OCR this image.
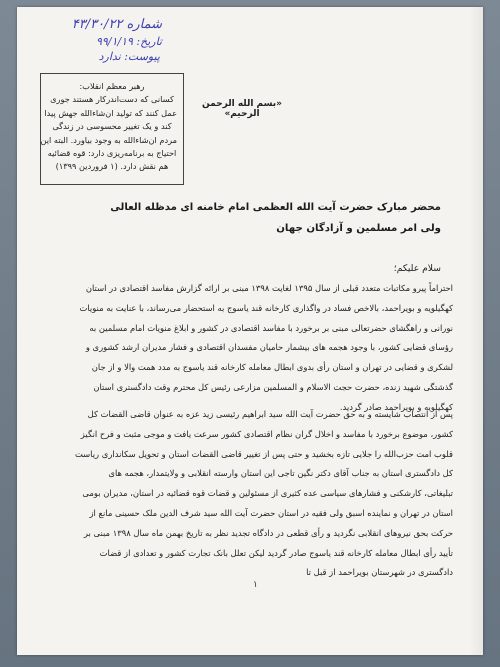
شماره ۴۳/۳۰/۲۲
تاریخ: ۹۹/۱/۱۹
پیوست: ندارد
رهبر معظم انقلاب:
کسانی که دست‌اندرکار هستند جوری
عمل کنند که تولید ان‌شاءالله جهش پیدا
کند و یک تغییر محسوسی در زندگی
مردم ان‌شاءالله به وجود بیاورد. البته این
احتیاج به برنامه‌ریزی دارد: قوه قضائیه
هم نقش دارد. (۱ فروردین ۱۳۹۹)
«بسم الله الرحمن الرحیم»
محضر مبارک حضرت آیت الله العظمی امام خامنه ای مدظله العالی
ولی امر مسلمین و آزادگان جهان
سلام علیکم؛
احتراماً پیرو مکاتبات متعدد قبلی از سال ۱۳۹۵ لغایت ۱۳۹۸ مبنی بر ارائه گزارش مفاسد اقتصادی در استان
کهگیلویه و بویراحمد، بالاخص فساد در واگذاری کارخانه قند یاسوج به استحضار می‌رساند، با عنایت به منویات
نورانی و راهگشای حضرتعالی مبنی بر برخورد با مفاسد اقتصادی در کشور و ابلاغ منویات امام مسلمین به
رؤسای قضایی کشور، با وجود هجمه های بیشمار حامیان مفسدان اقتصادی و فشار مدیران ارشد کشوری و
لشکری و قضایی در تهران و استان رأی بدوی ابطال معامله کارخانه قند یاسوج به مدد همت والا و از جان
گذشتگی شهید زنده، حضرت حجت الاسلام و المسلمین مزارعی رئیس کل محترم وقت دادگستری استان
کهگیلویه و بویراحمد صادر گردید.
پس از انتصاب شایسته و به حق حضرت آیت الله سید ابراهیم رئیسی زید عزه به عنوان قاضی القضات کل
کشور، موضوع برخورد با مفاسد و اخلال گران نظام اقتصادی کشور سرعت یافت و موجی مثبت و فرح انگیز
قلوب امت حزب‌الله را جلایی تازه بخشید و حتی پس از تغییر قاضی القضات استان و تحویل سکانداری ریاست
کل دادگستری استان به جناب آقای دکتر نگین تاجی این استان وارسته انقلابی و ولایتمدار، هجمه های
تبلیغاتی، کارشکنی و فشارهای سیاسی عده کثیری از مسئولین و قضات قوه قضائیه در استان، مدیران بومی
استان در تهران و نماینده اسبق ولی فقیه در استان حضرت آیت الله سید شرف الدین ملک حسینی مانع از
حرکت بحق نیروهای انقلابی نگردید و رأی قطعی در دادگاه تجدید نظر به تاریخ بهمن ماه سال ۱۳۹۸ مبنی بر
تأیید رأی ابطال معامله کارخانه قند یاسوج صادر گردید لیکن تعلل بانک تجارت کشور و تعدادی از قضات
دادگستری در شهرستان بویراحمد از قبل تا
۱
